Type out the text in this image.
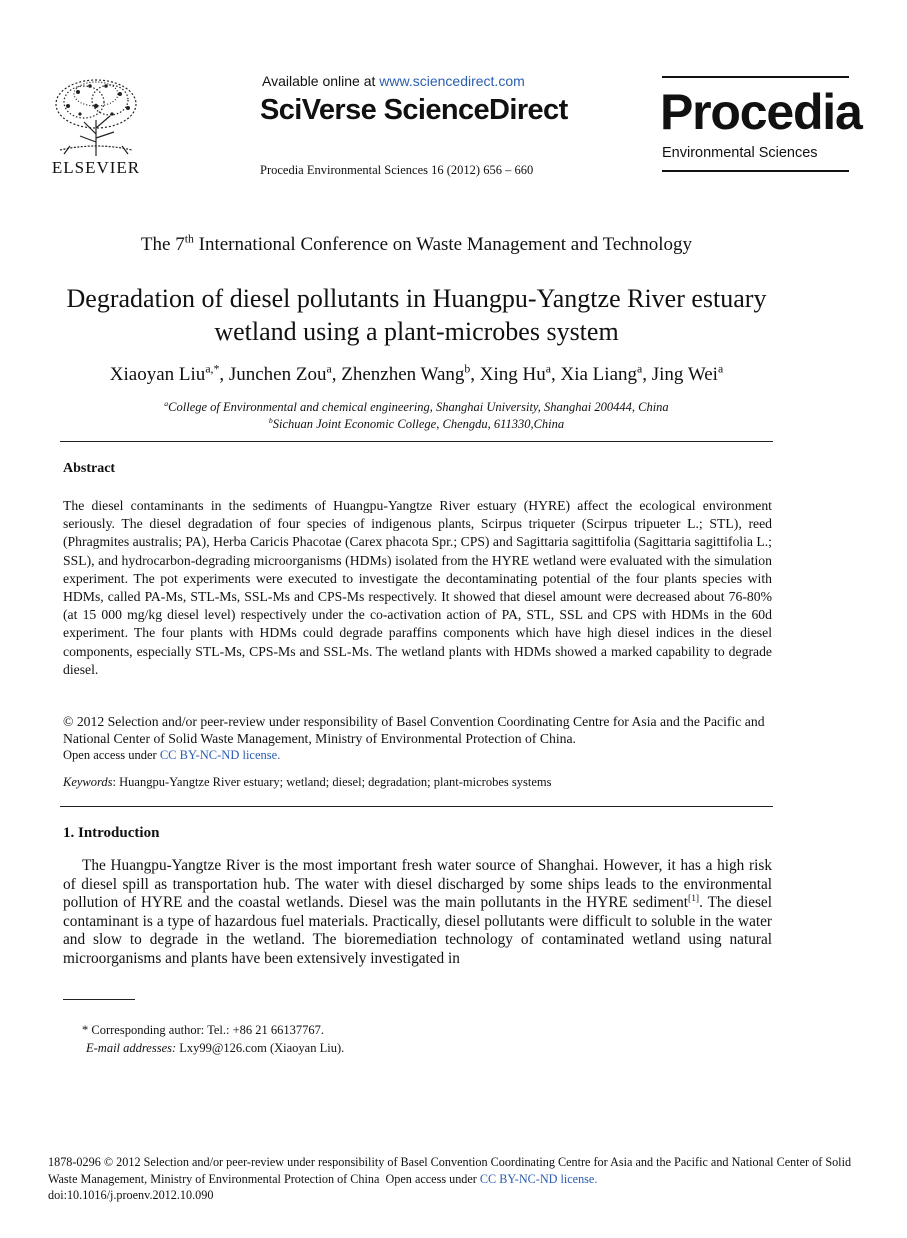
ELSEVIER
Available online at www.sciencedirect.com
SciVerse ScienceDirect
Procedia Environmental Sciences 16 (2012) 656 – 660
Procedia
Environmental Sciences
The 7th International Conference on Waste Management and Technology
Degradation of diesel pollutants in Huangpu-Yangtze River estuary wetland using a plant-microbes system
Xiaoyan Liu$^{a,*}$, Junchen Zou$^a$, Zhenzhen Wang$^b$, Xing Hu$^a$, Xia Liang$^a$, Jing Wei$^a$
$^a$College of Environmental and chemical engineering, Shanghai University, Shanghai 200444, China
$^b$Sichuan Joint Economic College, Chengdu, 611330,China
Abstract
The diesel contaminants in the sediments of Huangpu-Yangtze River estuary (HYRE) affect the ecological environment seriously. The diesel degradation of four species of indigenous plants, Scirpus triqueter (Scirpus tripueter L.; STL), reed (Phragmites australis; PA), Herba Caricis Phacotae (Carex phacota Spr.; CPS) and Sagittaria sagittifolia (Sagittaria sagittifolia L.; SSL), and hydrocarbon-degrading microorganisms (HDMs) isolated from the HYRE wetland were evaluated with the simulation experiment. The pot experiments were executed to investigate the decontaminating potential of the four plants species with HDMs, called PA-Ms, STL-Ms, SSL-Ms and CPS-Ms respectively. It showed that diesel amount were decreased about 76-80% (at 15 000 mg/kg diesel level) respectively under the co-activation action of PA, STL, SSL and CPS with HDMs in the 60d experiment. The four plants with HDMs could degrade paraffins components which have high diesel indices in the diesel components, especially STL-Ms, CPS-Ms and SSL-Ms. The wetland plants with HDMs showed a marked capability to degrade diesel.
© 2012 Selection and/or peer-review under responsibility of Basel Convention Coordinating Centre for Asia and the Pacific and National Center of Solid Waste Management, Ministry of Environmental Protection of China.
Open access under CC BY-NC-ND license.
Keywords: Huangpu-Yangtze River estuary; wetland; diesel; degradation; plant-microbes systems
1. Introduction
The Huangpu-Yangtze River is the most important fresh water source of Shanghai. However, it has a high risk of diesel spill as transportation hub. The water with diesel discharged by some ships leads to the environmental pollution of HYRE and the coastal wetlands. Diesel was the main pollutants in the HYRE sediment[1]. The diesel contaminant is a type of hazardous fuel materials. Practically, diesel pollutants were difficult to soluble in the water and slow to degrade in the wetland. The bioremediation technology of contaminated wetland using natural microorganisms and plants have been extensively investigated in
* Corresponding author: Tel.: +86 21 66137767.
E-mail addresses: Lxy99@126.com (Xiaoyan Liu).
1878-0296 © 2012 Selection and/or peer-review under responsibility of Basel Convention Coordinating Centre for Asia and the Pacific and National Center of Solid Waste Management, Ministry of Environmental Protection of China  Open access under CC BY-NC-ND license.
doi:10.1016/j.proenv.2012.10.090
